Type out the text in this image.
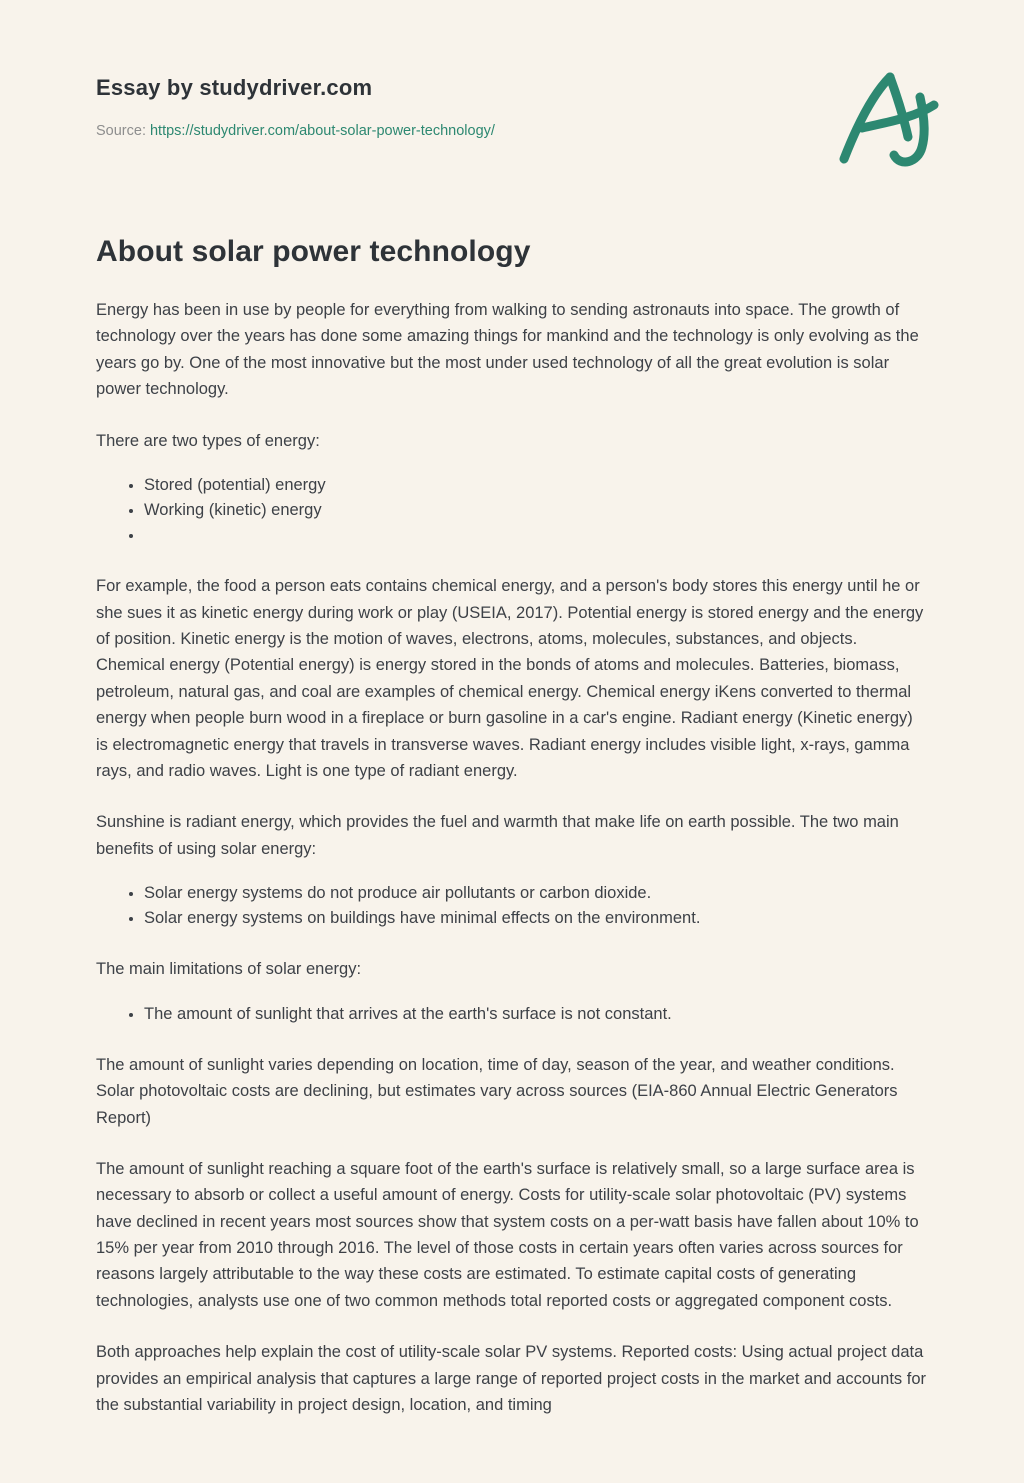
Essay by studydriver.com
Source: https://studydriver.com/about-solar-power-technology/
About solar power technology

Energy has been in use by people for everything from walking to sending astronauts into space. The growth of technology over the years has done some amazing things for mankind and the technology is only evolving as the years go by. One of the most innovative but the most under used technology of all the great evolution is solar power technology.

There are two types of energy:

• Stored (potential) energy
• Working (kinetic) energy
•

For example, the food a person eats contains chemical energy, and a person's body stores this energy until he or she sues it as kinetic energy during work or play (USEIA, 2017). Potential energy is stored energy and the energy of position. Kinetic energy is the motion of waves, electrons, atoms, molecules, substances, and objects. Chemical energy (Potential energy) is energy stored in the bonds of atoms and molecules. Batteries, biomass, petroleum, natural gas, and coal are examples of chemical energy. Chemical energy iKens converted to thermal energy when people burn wood in a fireplace or burn gasoline in a car's engine. Radiant energy (Kinetic energy) is electromagnetic energy that travels in transverse waves. Radiant energy includes visible light, x-rays, gamma rays, and radio waves. Light is one type of radiant energy.

Sunshine is radiant energy, which provides the fuel and warmth that make life on earth possible. The two main benefits of using solar energy:

• Solar energy systems do not produce air pollutants or carbon dioxide.
• Solar energy systems on buildings have minimal effects on the environment.

The main limitations of solar energy:

• The amount of sunlight that arrives at the earth's surface is not constant.

The amount of sunlight varies depending on location, time of day, season of the year, and weather conditions. Solar photovoltaic costs are declining, but estimates vary across sources (EIA-860 Annual Electric Generators Report)

The amount of sunlight reaching a square foot of the earth's surface is relatively small, so a large surface area is necessary to absorb or collect a useful amount of energy. Costs for utility-scale solar photovoltaic (PV) systems have declined in recent years most sources show that system costs on a per-watt basis have fallen about 10% to 15% per year from 2010 through 2016. The level of those costs in certain years often varies across sources for reasons largely attributable to the way these costs are estimated. To estimate capital costs of generating technologies, analysts use one of two common methods total reported costs or aggregated component costs.

Both approaches help explain the cost of utility-scale solar PV systems. Reported costs: Using actual project data provides an empirical analysis that captures a large range of reported project costs in the market and accounts for the substantial variability in project design, location, and timing
